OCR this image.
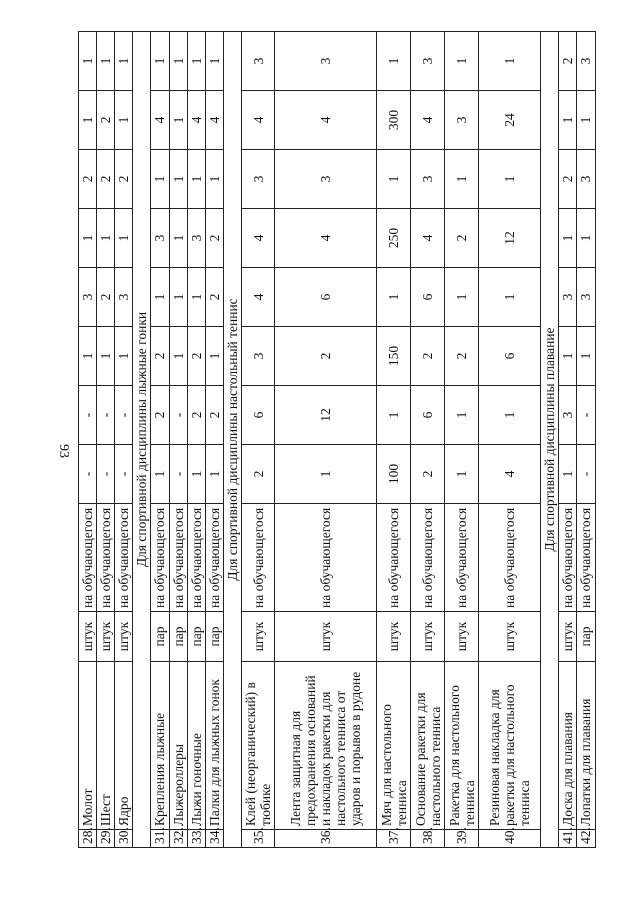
93
28.	Молот	штук	на обучающегося	-	-	1	3	1	2	1	1
29.	Шест	штук	на обучающегося	-	-	1	2	1	2	2	1
30.	Ядро	штук	на обучающегося	-	-	1	3	1	2	1	1
Для спортивной дисциплины лыжные гонки											
31.	Крепления лыжные	пар	на обучающегося	1	2	2	1	3	1	4	1
32.	Лыжероллеры	пар	на обучающегося	-	-	1	1	1	1	1	1
33.	Лыжи гоночные	пар	на обучающегося	1	2	2	1	3	1	4	1
34.	Палки для лыжных гонок	пар	на обучающегося	1	2	1	2	2	1	4	1
Для спортивной дисциплины настольный теннис											
35.	Клей (неорганический) в тюбике	штук	на обучающегося	2	6	3	4	4	3	4	3
36.	Лента защитная для предохранения оснований и накладок ракетки для настольного тенниса от ударов и порывов в рудоне	штук	на обучающегося	1	12	2	6	4	3	4	3
37.	Мяч для настольного тенниса	штук	на обучающегося	100	1	150	1	250	1	300	1
38.	Основание ракетки для настольного тенниса	штук	на обучающегося	2	6	2	6	4	3	4	3
39.	Ракетка для настольного тенниса	штук	на обучающегося	1	1	2	1	2	1	3	1
40.	Резиновая накладка для ракетки для настольного тенниса	штук	на обучающегося	4	1	6	1	12	1	24	1
Для спортивной дисциплины плавание											
41.	Доска для плавания	штук	на обучающегося	1	3	1	3	1	2	1	2
42.	Лопатки для плавания	пар	на обучающегося	-	-	1	3	1	3	1	3
